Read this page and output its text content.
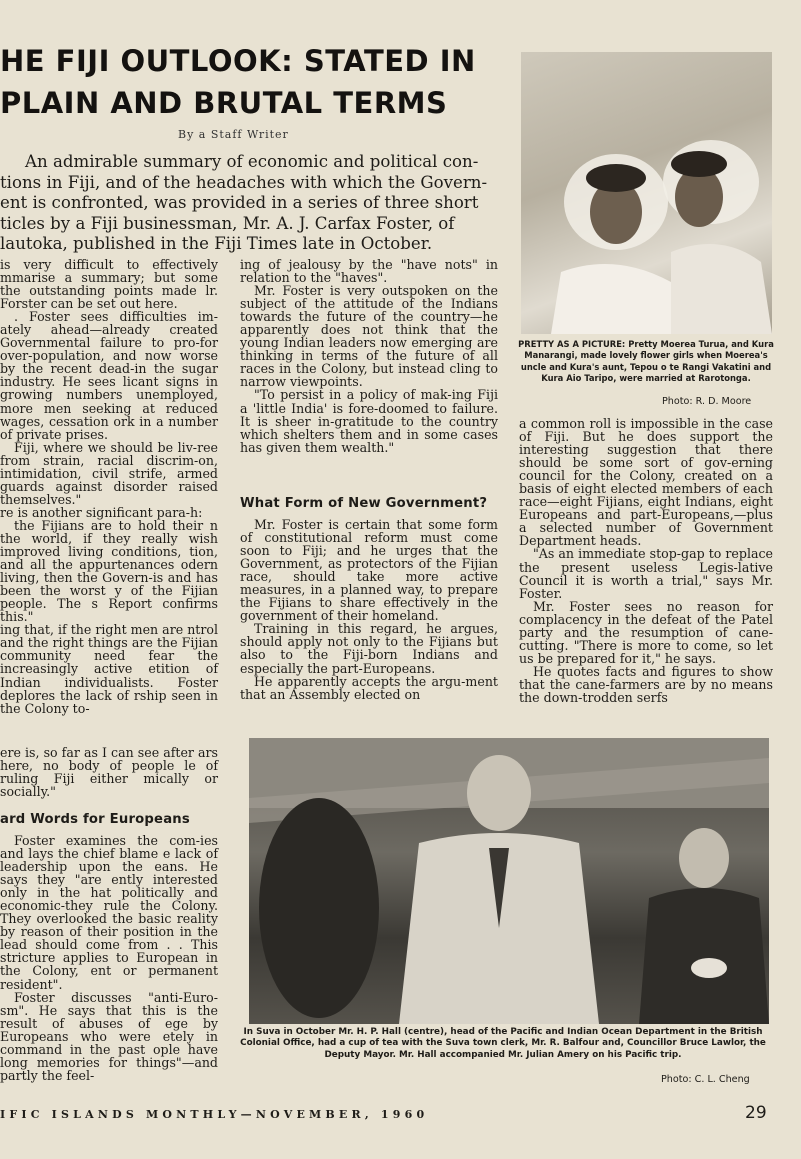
HE FIJI OUTLOOK: STATED IN
PLAIN AND BRUTAL TERMS
By a Staff Writer

An admirable summary of economic and political con-

tions in Fiji, and of the headaches with which the Govern-

ent is confronted, was provided in a series of three short

ticles by a Fiji businessman, Mr. A. J. Carfax Foster, of

lautoka, published in the Fiji Times late in October.

is very difficult to effectively mmarise a summary; but some the outstanding points made lr. Forster can be set out here.

. Foster sees difficulties im-ately ahead—already created Governmental failure to pro-for over-population, and now worse by the recent dead-in the sugar industry. He sees licant signs in growing numbers unemployed, more men seeking at reduced wages, cessation ork in a number of private prises.

Fiji, where we should be liv-ree from strain, racial discrim-on, intimidation, civil strife, armed guards against disorder raised themselves."

re is another significant para-h:

the Fijians are to hold their n the world, if they really wish improved living conditions, tion, and all the appurtenances odern living, then the Govern-is and has been the worst y of the Fijian people. The s Report confirms this."

ing that, if the right men are ntrol and the right things are the Fijian community need fear the increasingly active etition of Indian individualists. Foster deplores the lack of rship seen in the Colony to-

ere is, so far as I can see after ars here, no body of people le of ruling Fiji either mically or socially."

ard Words for Europeans

Foster examines the com-ies and lays the chief blame e lack of leadership upon the eans. He says they "are ently interested only in the hat politically and economic-they rule the Colony. They overlooked the basic reality by reason of their position in the lead should come from . . This stricture applies to European in the Colony, ent or permanent resident".

Foster discusses "anti-Euro-sm". He says that this is the result of abuses of ege by Europeans who were etely in command in the past ople have long memories for things"—and partly the feel-

ing of jealousy by the "have nots" in relation to the "haves".

Mr. Foster is very outspoken on the subject of the attitude of the Indians towards the future of the country—he apparently does not think that the young Indian leaders now emerging are thinking in terms of the future of all races in the Colony, but instead cling to narrow viewpoints.

"To persist in a policy of mak-ing Fiji a 'little India' is fore-doomed to failure. It is sheer in-gratitude to the country which shelters them and in some cases has given them wealth."

What Form of New Government?

Mr. Foster is certain that some form of constitutional reform must come soon to Fiji; and he urges that the Government, as protectors of the Fijian race, should take more active measures, in a planned way, to prepare the Fijians to share effectively in the government of their homeland.

Training in this regard, he argues, should apply not only to the Fijians but also to the Fiji-born Indians and especially the part-Europeans.

He apparently accepts the argu-ment that an Assembly elected on

PRETTY AS A PICTURE: Pretty Moerea Turua, and Kura Manarangi, made lovely flower girls when Moerea's uncle and Kura's aunt, Tepou o te Rangi Vakatini and Kura Aio Taripo, were married at Rarotonga.
Photo: R. D. Moore

a common roll is impossible in the case of Fiji. But he does support the interesting suggestion that there should be some sort of gov-erning council for the Colony, created on a basis of eight elected members of each race—eight Fijians, eight Indians, eight Europeans and part-Europeans,—plus a selected number of Government Department heads.

"As an immediate stop-gap to replace the present useless Legis-lative Council it is worth a trial," says Mr. Foster.

Mr. Foster sees no reason for complacency in the defeat of the Patel party and the resumption of cane-cutting. "There is more to come, so let us be prepared for it," he says.

He quotes facts and figures to show that the cane-farmers are by no means the down-trodden serfs

In Suva in October Mr. H. P. Hall (centre), head of the Pacific and Indian Ocean Department in the British Colonial Office, had a cup of tea with the Suva town clerk, Mr. R. Balfour and, Councillor Bruce Lawlor, the Deputy Mayor. Mr. Hall accompanied Mr. Julian Amery on his Pacific trip.
Photo: C. L. Cheng
IFIC ISLANDS MONTHLY—NOVEMBER, 1960	29
